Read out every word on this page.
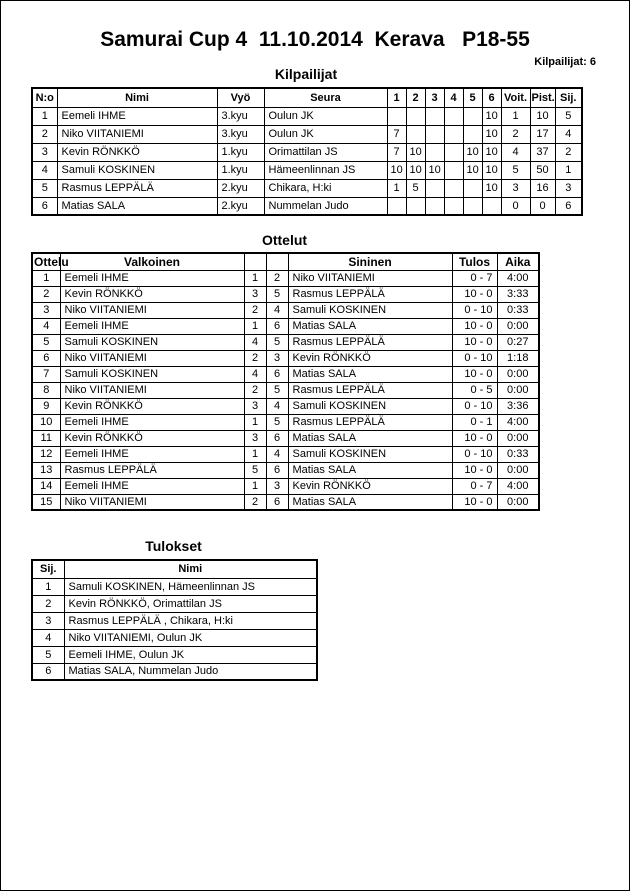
Samurai Cup 4  11.10.2014  Kerava   P18-55
Kilpailijat: 6
Kilpailijat
N:o	Nimi	Vyö	Seura	1	2	3	4	5	6	Voit.	Pist.	Sij.
1	Eemeli IHME	3.kyu	Oulun JK						10	1	10	5
2	Niko VIITANIEMI	3.kyu	Oulun JK	7					10	2	17	4
3	Kevin RÖNKKÖ	1.kyu	Orimattilan JS	7	10			10	10	4	37	2
4	Samuli KOSKINEN	1.kyu	Hämeenlinnan JS	10	10	10		10	10	5	50	1
5	Rasmus LEPPÄLÄ	2.kyu	Chikara, H:ki	1	5				10	3	16	3
6	Matias SALA	2.kyu	Nummelan Judo							0	0	6
Ottelut
Ottelu	Valkoinen			Sininen	Tulos	Aika
1	Eemeli IHME	1	2	Niko VIITANIEMI	0 - 7	4:00
2	Kevin RÖNKKÖ	3	5	Rasmus LEPPÄLÄ	10 - 0	3:33
3	Niko VIITANIEMI	2	4	Samuli KOSKINEN	0 - 10	0:33
4	Eemeli IHME	1	6	Matias SALA	10 - 0	0:00
5	Samuli KOSKINEN	4	5	Rasmus LEPPÄLÄ	10 - 0	0:27
6	Niko VIITANIEMI	2	3	Kevin RÖNKKÖ	0 - 10	1:18
7	Samuli KOSKINEN	4	6	Matias SALA	10 - 0	0:00
8	Niko VIITANIEMI	2	5	Rasmus LEPPÄLÄ	0 - 5	0:00
9	Kevin RÖNKKÖ	3	4	Samuli KOSKINEN	0 - 10	3:36
10	Eemeli IHME	1	5	Rasmus LEPPÄLÄ	0 - 1	4:00
11	Kevin RÖNKKÖ	3	6	Matias SALA	10 - 0	0:00
12	Eemeli IHME	1	4	Samuli KOSKINEN	0 - 10	0:33
13	Rasmus LEPPÄLÄ	5	6	Matias SALA	10 - 0	0:00
14	Eemeli IHME	1	3	Kevin RÖNKKÖ	0 - 7	4:00
15	Niko VIITANIEMI	2	6	Matias SALA	10 - 0	0:00
Tulokset
Sij.	Nimi
1	Samuli KOSKINEN, Hämeenlinnan JS
2	Kevin RÖNKKÖ, Orimattilan JS
3	Rasmus LEPPÄLÄ , Chikara, H:ki
4	Niko VIITANIEMI, Oulun JK
5	Eemeli IHME, Oulun JK
6	Matias SALA, Nummelan Judo
